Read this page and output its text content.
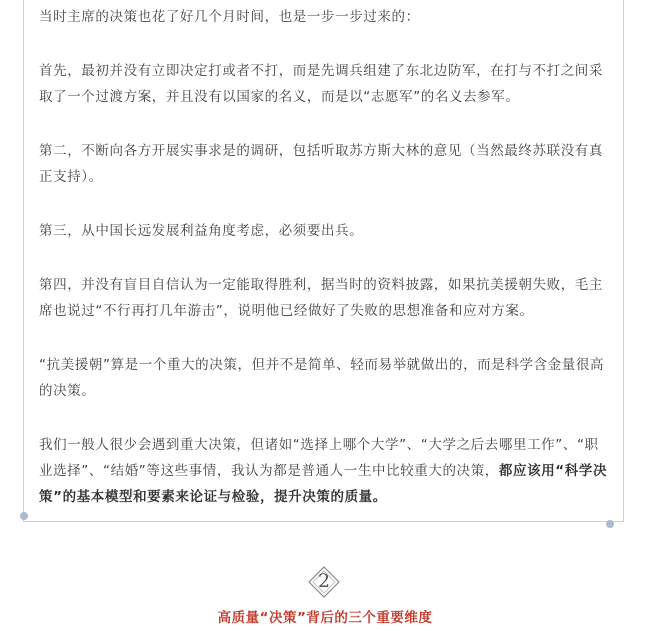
当时主席的决策也花了好几个月时间，也是一步一步过来的：

首先，最初并没有立即决定打或者不打，而是先调兵组建了东北边防军，在打与不打之间采取了一个过渡方案，并且没有以国家的名义，而是以“志愿军”的名义去参军。

第二，不断向各方开展实事求是的调研，包括听取苏方斯大林的意见（当然最终苏联没有真正支持）。

第三，从中国长远发展利益角度考虑，必须要出兵。

第四，并没有盲目自信认为一定能取得胜利，据当时的资料披露，如果抗美援朝失败，毛主席也说过“不行再打几年游击”，说明他已经做好了失败的思想准备和应对方案。

“抗美援朝”算是一个重大的决策，但并不是简单、轻而易举就做出的，而是科学含金量很高的决策。

我们一般人很少会遇到重大决策，但诸如“选择上哪个大学”、“大学之后去哪里工作”、“职业选择”、“结婚”等这些事情，我认为都是普通人一生中比较重大的决策，都应该用“科学决策”的基本模型和要素来论证与检验，提升决策的质量。

2
高质量“决策”背后的三个重要维度
